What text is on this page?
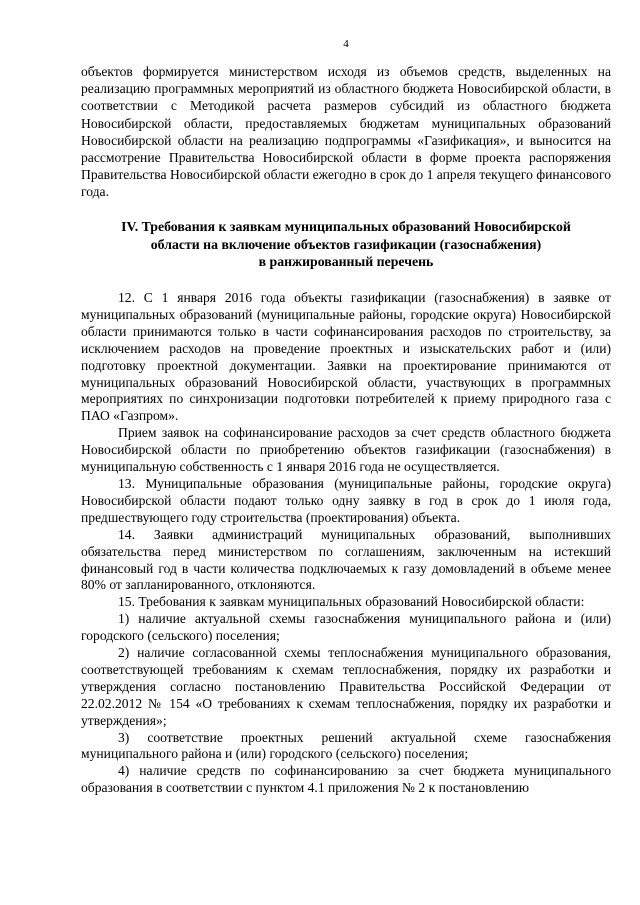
4

объектов формируется министерством исходя из объемов средств, выделенных на реализацию программных мероприятий из областного бюджета Новосибирской области, в соответствии с Методикой расчета размеров субсидий из областного бюджета Новосибирской области, предоставляемых бюджетам муниципальных образований Новосибирской области на реализацию подпрограммы «Газификация», и выносится на рассмотрение Правительства Новосибирской области в форме проекта распоряжения Правительства Новосибирской области ежегодно в срок до 1 апреля текущего финансового года.

IV. Требования к заявкам муниципальных образований Новосибирской
области на включение объектов газификации (газоснабжения)
в ранжированный перечень

12. С 1 января 2016 года объекты газификации (газоснабжения) в заявке от муниципальных образований (муниципальные районы, городские округа) Новосибирской области принимаются только в части софинансирования расходов по строительству, за исключением расходов на проведение проектных и изыскательских работ и (или) подготовку проектной документации. Заявки на проектирование принимаются от муниципальных образований Новосибирской области, участвующих в программных мероприятиях по синхронизации подготовки потребителей к приему природного газа с ПАО «Газпром».

Прием заявок на софинансирование расходов за счет средств областного бюджета Новосибирской области по приобретению объектов газификации (газоснабжения) в муниципальную собственность с 1 января 2016 года не осуществляется.

13. Муниципальные образования (муниципальные районы, городские округа) Новосибирской области подают только одну заявку в год в срок до 1 июля года, предшествующего году строительства (проектирования) объекта.

14. Заявки администраций муниципальных образований, выполнивших обязательства перед министерством по соглашениям, заключенным на истекший финансовый год в части количества подключаемых к газу домовладений в объеме менее 80% от запланированного, отклоняются.

15. Требования к заявкам муниципальных образований Новосибирской области:

1) наличие актуальной схемы газоснабжения муниципального района и (или) городского (сельского) поселения;

2) наличие согласованной схемы теплоснабжения муниципального образования, соответствующей требованиям к схемам теплоснабжения, порядку их разработки и утверждения согласно постановлению Правительства Российской Федерации от 22.02.2012 № 154 «О требованиях к схемам теплоснабжения, порядку их разработки и утверждения»;

3) соответствие проектных решений актуальной схеме газоснабжения муниципального района и (или) городского (сельского) поселения;

4) наличие средств по софинансированию за счет бюджета муниципального образования в соответствии с пунктом 4.1 приложения № 2 к постановлению
